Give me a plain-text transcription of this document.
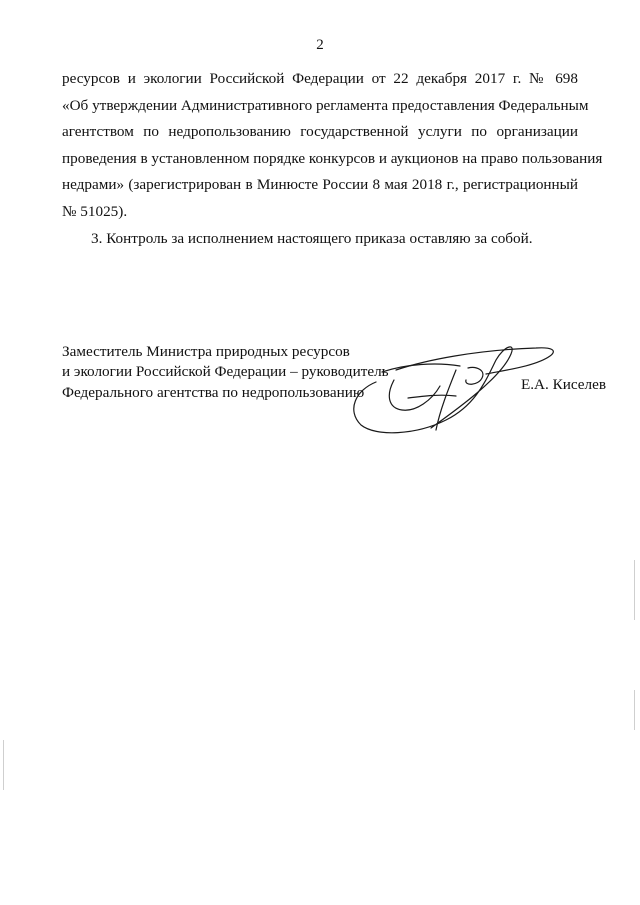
2
ресурсов и экологии Российской Федерации от 22 декабря 2017 г. № 698
«Об утверждении Административного регламента предоставления Федеральным
агентством по недропользованию государственной услуги по организации
проведения в установленном порядке конкурсов и аукционов на право пользования
недрами» (зарегистрирован в Минюсте России 8 мая 2018 г., регистрационный
№ 51025).
3. Контроль за исполнением настоящего приказа оставляю за собой.
Заместитель Министра природных ресурсов
и экологии Российской Федерации – руководитель
Федерального агентства по недропользованию	Е.А. Киселев
